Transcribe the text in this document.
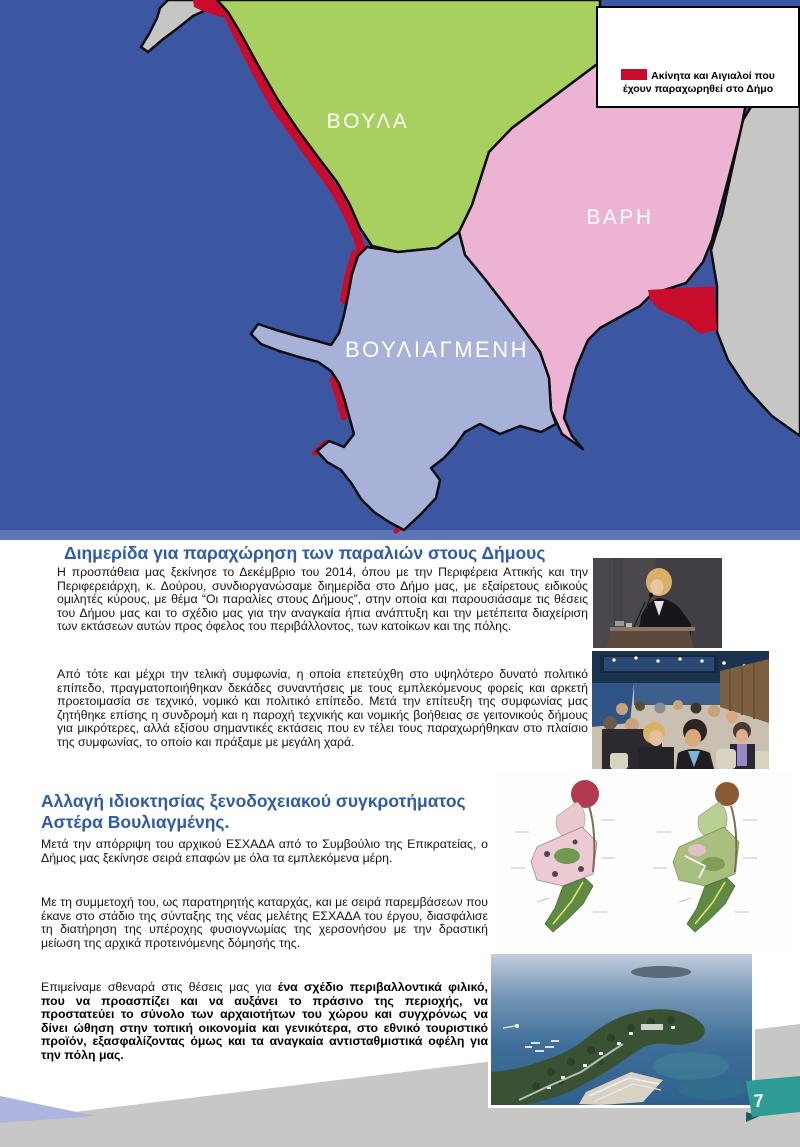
ΒΟΥΛΑ
ΒΑΡΗ
ΒΟΥΛΙΑΓΜΕΝΗ
Ακίνητα και Αιγιαλοί που έχουν παραχωρηθεί στο Δήμο
Διημερίδα για παραχώρηση των παραλιών στους Δήμους

Η προσπάθεια μας ξεκίνησε το Δεκέμβριο του 2014, όπου με την Περιφέρεια Αττικής και την Περιφερειάρχη, κ. Δούρου, συνδιοργανώσαμε διημερίδα στο Δήμο μας, με εξαίρετους ειδικούς ομιλητές κύρους, με θέμα “Οι παραλίες στους Δήμους”, στην οποία και παρουσιάσαμε τις θέσεις του Δήμου μας και το σχέδιο μας για την αναγκαία ήπια ανάπτυξη και την μετέπειτα διαχείριση των εκτάσεων αυτών προς όφελος του περιβάλλοντος, των κατοίκων και της πόλης.

Από τότε και μέχρι την τελική συμφωνία, η οποία επετεύχθη στο υψηλότερο δυνατό πολιτικό επίπεδο, πραγματοποιήθηκαν δεκάδες συναντήσεις με τους εμπλεκόμενους φορείς και αρκετή προετοιμασία σε τεχνικό, νομικό και πολιτικό επίπεδο. Μετά την επίτευξη της συμφωνίας μας ζητήθηκε επίσης η συνδρομή και η παροχή τεχνικής και νομικής βοήθειας σε γειτονικούς δήμους για μικρότερες, αλλά εξίσου σημαντικές εκτάσεις που εν τέλει τους παραχωρήθηκαν στο πλαίσιο της συμφωνίας, το οποίο και πράξαμε με μεγάλη χαρά.

Αλλαγή ιδιοκτησίας ξενοδοχειακού συγκροτήματος Αστέρα Βουλιαγμένης.

Μετά την απόρριψη του αρχικού ΕΣΧΑΔΑ από το Συμβούλιο της Επικρατείας, ο Δήμος μας ξεκίνησε σειρά επαφών με όλα τα εμπλεκόμενα μέρη.

Με τη συμμετοχή του, ως παρατηρητής καταρχάς, και με σειρά παρεμβάσεων που έκανε στο στάδιο της σύνταξης της νέας μελέτης ΕΣΧΑΔΑ του έργου, διασφάλισε τη διατήρηση της υπέροχης φυσιογνωμίας της χερσονήσου με την δραστική μείωση της αρχικά προτεινόμενης δόμησής της.

Επιμείναμε σθεναρά στις θέσεις μας για ένα σχέδιο περιβαλλοντικά φιλικό, που να προασπίζει και να αυξάνει το πράσινο της περιοχής, να προστατεύει το σύνολο των αρχαιοτήτων του χώρου και συγχρόνως να δίνει ώθηση στην τοπική οικονομία και γενικότερα, στο εθνικό τουριστικό προϊόν, εξασφαλίζοντας όμως και τα αναγκαία αντισταθμιστικά οφέλη για την πόλη μας.

7
